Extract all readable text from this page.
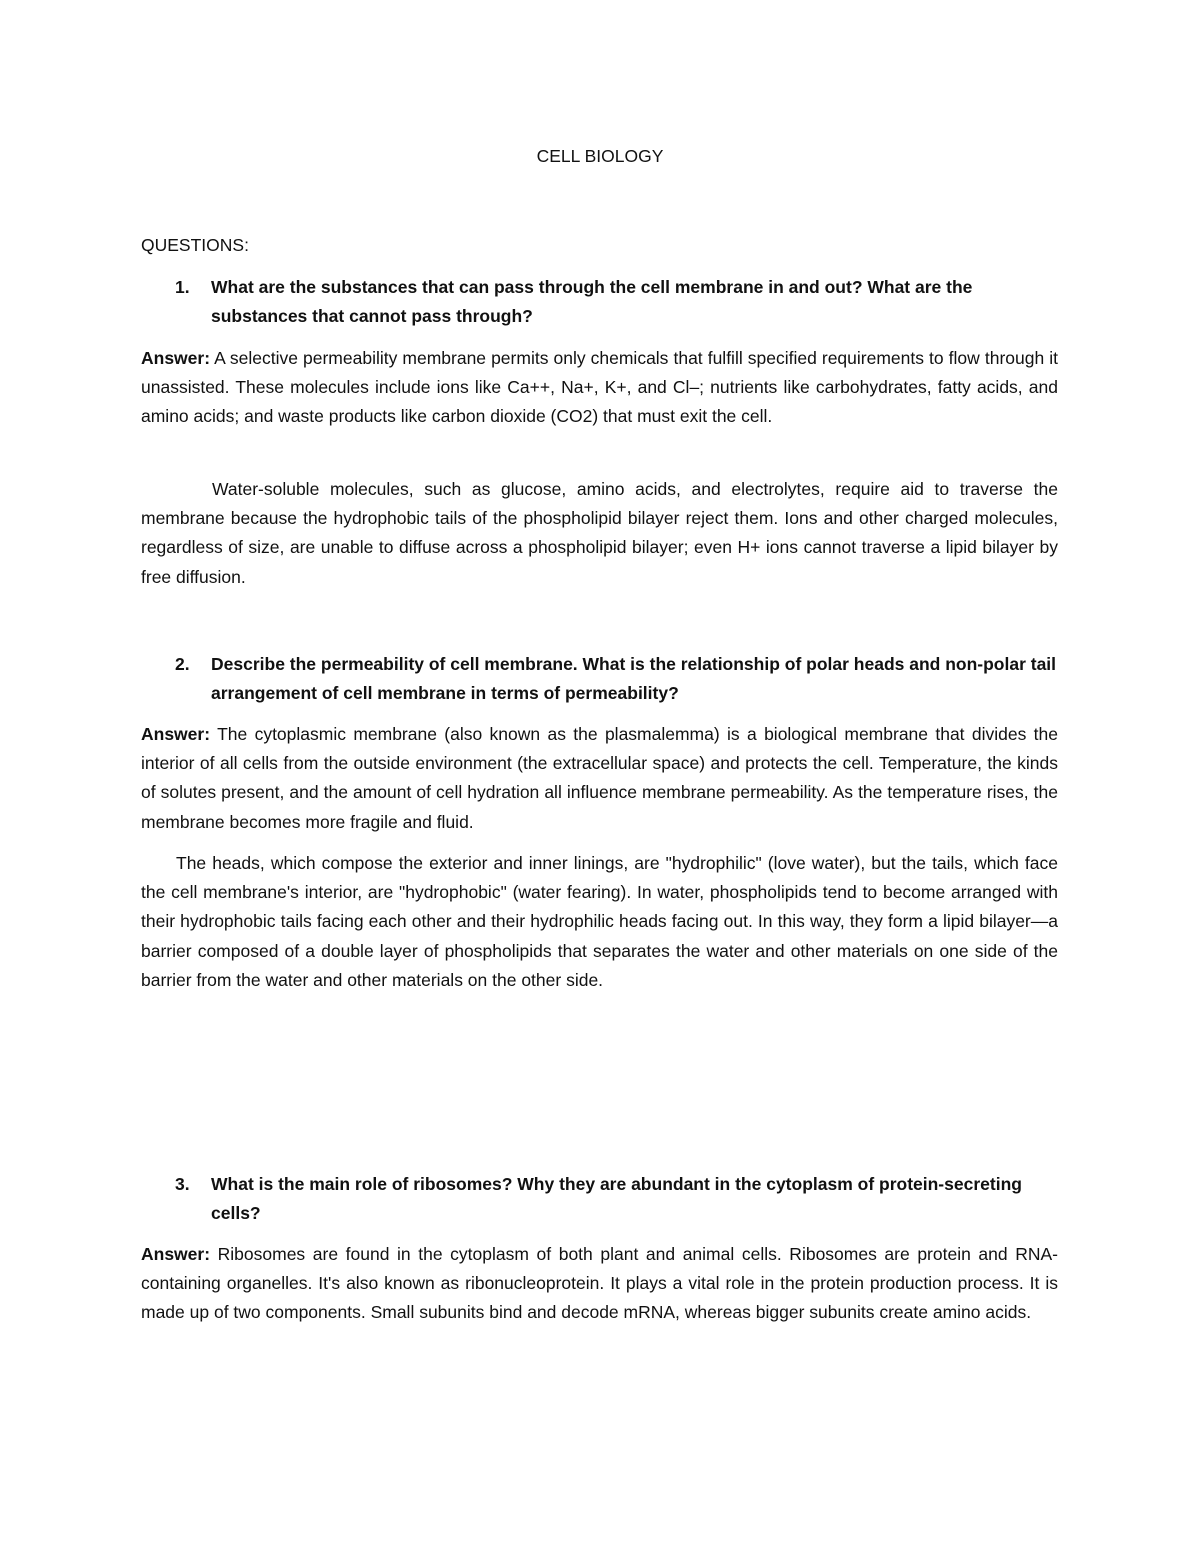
CELL BIOLOGY
QUESTIONS:
1. What are the substances that can pass through the cell membrane in and out? What are the substances that cannot pass through?

Answer: A selective permeability membrane permits only chemicals that fulfill specified requirements to flow through it unassisted. These molecules include ions like Ca++, Na+, K+, and Cl–; nutrients like carbohydrates, fatty acids, and amino acids; and waste products like carbon dioxide (CO2) that must exit the cell.

Water-soluble molecules, such as glucose, amino acids, and electrolytes, require aid to traverse the membrane because the hydrophobic tails of the phospholipid bilayer reject them. Ions and other charged molecules, regardless of size, are unable to diffuse across a phospholipid bilayer; even H+ ions cannot traverse a lipid bilayer by free diffusion.

2. Describe the permeability of cell membrane. What is the relationship of polar heads and non-polar tail arrangement of cell membrane in terms of permeability?

Answer: The cytoplasmic membrane (also known as the plasmalemma) is a biological membrane that divides the interior of all cells from the outside environment (the extracellular space) and protects the cell. Temperature, the kinds of solutes present, and the amount of cell hydration all influence membrane permeability. As the temperature rises, the membrane becomes more fragile and fluid.

The heads, which compose the exterior and inner linings, are "hydrophilic" (love water), but the tails, which face the cell membrane's interior, are "hydrophobic" (water fearing). In water, phospholipids tend to become arranged with their hydrophobic tails facing each other and their hydrophilic heads facing out. In this way, they form a lipid bilayer—a barrier composed of a double layer of phospholipids that separates the water and other materials on one side of the barrier from the water and other materials on the other side.

3. What is the main role of ribosomes? Why they are abundant in the cytoplasm of protein-secreting cells?

Answer: Ribosomes are found in the cytoplasm of both plant and animal cells. Ribosomes are protein and RNA-containing organelles. It's also known as ribonucleoprotein. It plays a vital role in the protein production process. It is made up of two components. Small subunits bind and decode mRNA, whereas bigger subunits create amino acids.
